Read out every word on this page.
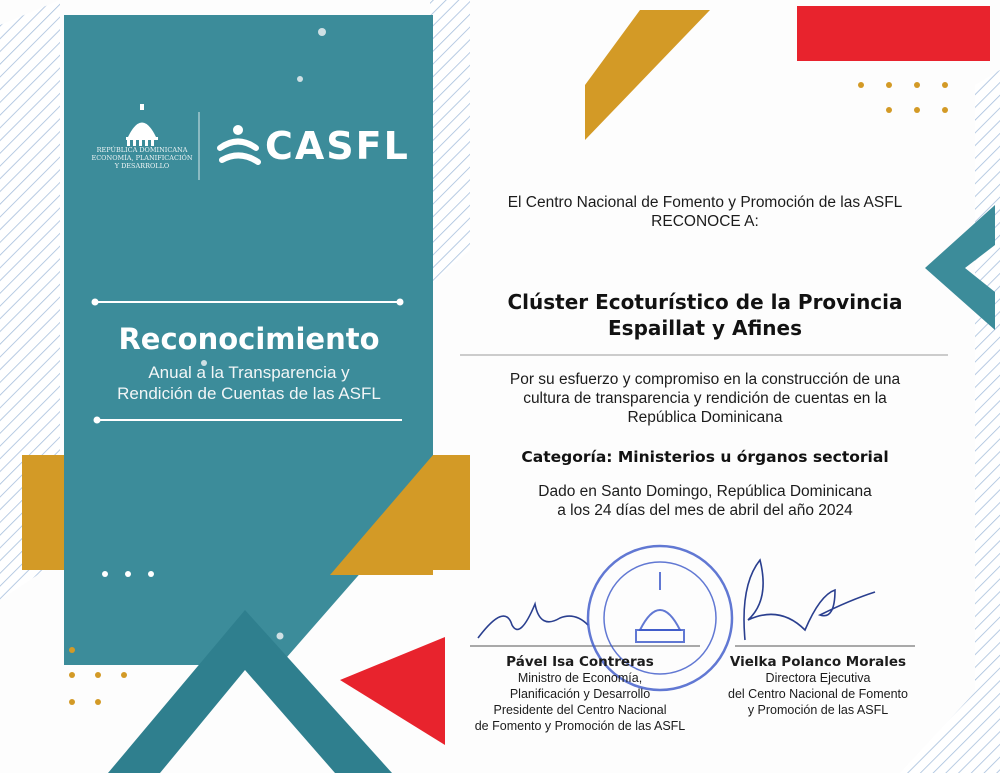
REPÚBLICA DOMINICANA
ECONOMÍA, PLANIFICACIÓN
Y DESARROLLO	CASFL
Reconocimiento
Anual a la Transparencia y
Rendición de Cuentas de las ASFL
El Centro Nacional de Fomento y Promoción de las ASFL
RECONOCE A:
Clúster Ecoturístico de la Provincia
Espaillat y Afines
Por su esfuerzo y compromiso en la construcción de una
cultura de transparencia y rendición de cuentas en la
República Dominicana
Categoría: Ministerios u órganos sectorial
Dado en Santo Domingo, República Dominicana
a los 24 días del mes de abril del año 2024
Pável Isa Contreras
Ministro de Economía,
Planificación y Desarrollo
Presidente del Centro Nacional
de Fomento y Promoción de las ASFL
Vielka Polanco Morales
Directora Ejecutiva
del Centro Nacional de Fomento
y Promoción de las ASFL
